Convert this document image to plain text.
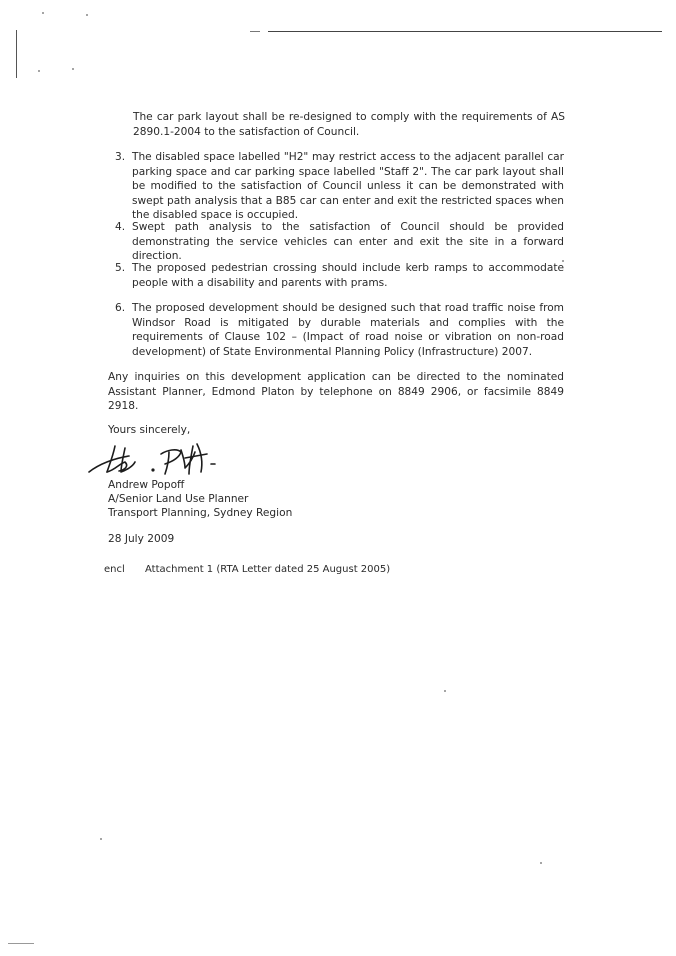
The car park layout shall be re-designed to comply with the requirements of AS 2890.1-2004 to the satisfaction of Council.

3. The disabled space labelled "H2" may restrict access to the adjacent parallel car parking space and car parking space labelled "Staff 2". The car park layout shall be modified to the satisfaction of Council unless it can be demonstrated with swept path analysis that a B85 car can enter and exit the restricted spaces when the disabled space is occupied.
4. Swept path analysis to the satisfaction of Council should be provided demonstrating the service vehicles can enter and exit the site in a forward direction.
5. The proposed pedestrian crossing should include kerb ramps to accommodate people with a disability and parents with prams.
6. The proposed development should be designed such that road traffic noise from Windsor Road is mitigated by durable materials and complies with the requirements of Clause 102 – (Impact of road noise or vibration on non-road development) of State Environmental Planning Policy (Infrastructure) 2007.

Any inquiries on this development application can be directed to the nominated Assistant Planner, Edmond Platon by telephone on 8849 2906, or facsimile 8849 2918.

Yours sincerely,
Andrew Popoff
A/Senior Land Use Planner
Transport Planning, Sydney Region
28 July 2009
encl Attachment 1 (RTA Letter dated 25 August 2005)
